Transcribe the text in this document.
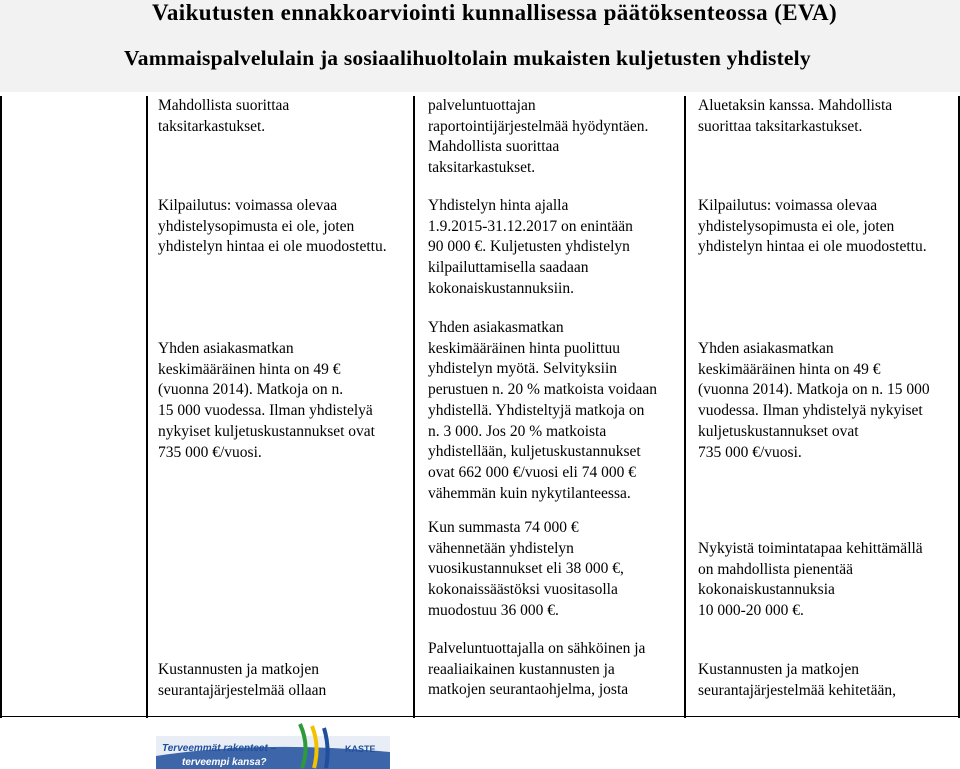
Vaikutusten ennakkoarviointi kunnallisessa päätöksenteossa (EVA)
Vammaispalvelulain ja sosiaalihuoltolain mukaisten kuljetusten yhdistely
Mahdollista suorittaa
taksitarkastukset.
Kilpailutus: voimassa olevaa
yhdistelysopimusta ei ole, joten
yhdistelyn hintaa ei ole muodostettu.
Yhden asiakasmatkan
keskimääräinen hinta on 49 €
(vuonna 2014). Matkoja on n.
15 000 vuodessa. Ilman yhdistelyä
nykyiset kuljetuskustannukset ovat
735 000 €/vuosi.
Kustannusten ja matkojen
seurantajärjestelmää ollaan
palveluntuottajan
raportointijärjestelmää hyödyntäen.
Mahdollista suorittaa
taksitarkastukset.
Yhdistelyn hinta ajalla
1.9.2015-31.12.2017 on enintään
90 000 €. Kuljetusten yhdistelyn
kilpailuttamisella saadaan
kokonaiskustannuksiin.
Yhden asiakasmatkan
keskimääräinen hinta puolittuu
yhdistelyn myötä. Selvityksiin
perustuen n. 20 % matkoista voidaan
yhdistellä. Yhdisteltyjä matkoja on
n. 3 000. Jos 20 % matkoista
yhdistellään, kuljetuskustannukset
ovat 662 000 €/vuosi eli 74 000 €
vähemmän kuin nykytilanteessa.
Kun summasta 74 000 €
vähennetään yhdistelyn
vuosikustannukset eli 38 000 €,
kokonaissäästöksi vuositasolla
muodostuu 36 000 €.
Palveluntuottajalla on sähköinen ja
reaaliaikainen kustannusten ja
matkojen seurantaohjelma, josta
Aluetaksin kanssa. Mahdollista
suorittaa taksitarkastukset.
Kilpailutus: voimassa olevaa
yhdistelysopimusta ei ole, joten
yhdistelyn hintaa ei ole muodostettu.
Yhden asiakasmatkan
keskimääräinen hinta on 49 €
(vuonna 2014). Matkoja on n. 15 000
vuodessa. Ilman yhdistelyä nykyiset
kuljetuskustannukset ovat
735 000 €/vuosi.
Nykyistä toimintatapaa kehittämällä
on mahdollista pienentää
kokonaiskustannuksia
10 000-20 000 €.
Kustannusten ja matkojen
seurantajärjestelmää kehitetään,
Terveemmät rakenteet –
terveempi kansa?
KASTE
